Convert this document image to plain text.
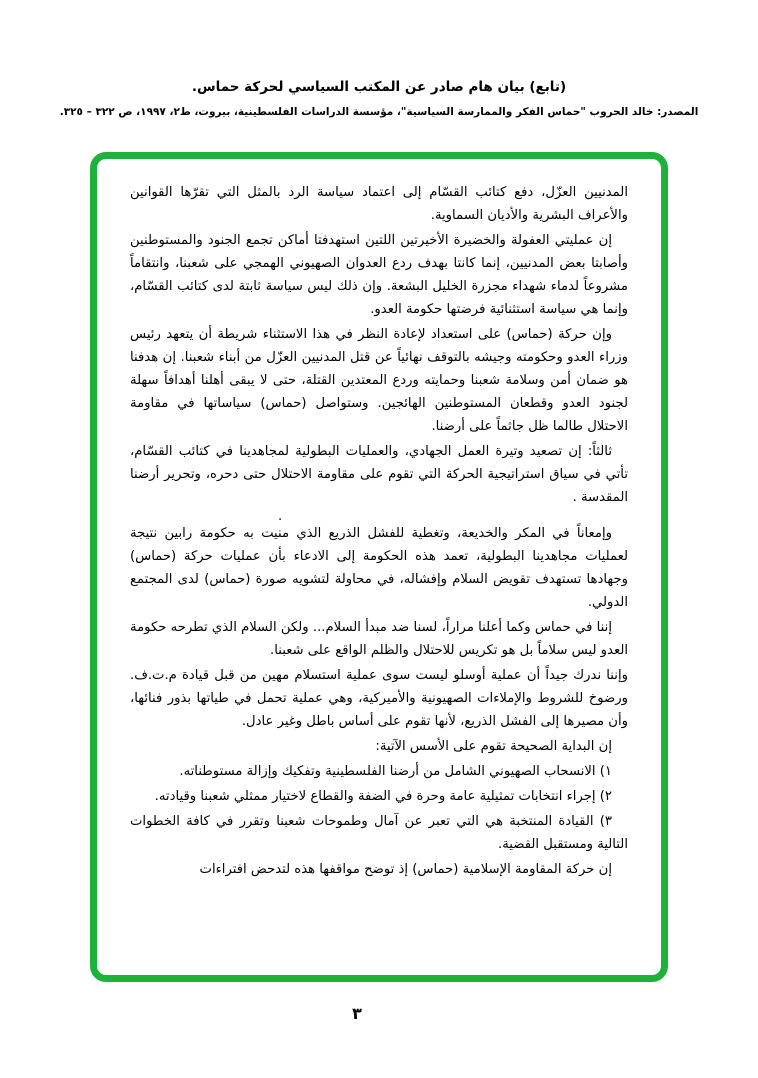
(تابع) بيان هام صادر عن المكتب السياسي لحركة حماس.
المصدر: خالد الحروب "حماس الفكر والممارسة السياسية"، مؤسسة الدراسات الفلسطينية، بيروت، ط٢، ١٩٩٧، ص ٣٢٢ – ٣٢٥.

المدنيين العزّل، دفع كتائب القسّام إلى اعتماد سياسة الرد بالمثل التي تقرّها القوانين والأعراف البشرية والأديان السماوية.

إن عمليتي العفولة والخضيرة الأخيرتين اللتين استهدفتا أماكن تجمع الجنود والمستوطنين وأصابتا بعض المدنيين، إنما كانتا بهدف ردع العدوان الصهيوني الهمجي على شعبنا، وانتقاماً مشروعاً لدماء شهداء مجزرة الخليل البشعة. وإن ذلك ليس سياسة ثابتة لدى كتائب القسّام، وإنما هي سياسة استثنائية فرضتها حكومة العدو.

وإن حركة (حماس) على استعداد لإعادة النظر في هذا الاستثناء شريطة أن يتعهد رئيس وزراء العدو وحكومته وجيشه بالتوقف نهائياً عن قتل المدنيين العزّل من أبناء شعبنا. إن هدفنا هو ضمان أمن وسلامة شعبنا وحمايته وردع المعتدين القتلة، حتى لا يبقى أهلنا أهدافاً سهلة لجنود العدو وقطعان المستوطنين الهائجين. وستواصل (حماس) سياساتها في مقاومة الاحتلال طالما ظل جاثماً على أرضنا.

ثالثاً: إن تصعيد وتيرة العمل الجهادي، والعمليات البطولية لمجاهدينا في كتائب القسّام، تأتي في سياق استراتيجية الحركة التي تقوم على مقاومة الاحتلال حتى دحره، وتحرير أرضنا المقدسة .

.

وإمعاناً في المكر والخديعة، وتغطية للفشل الذريع الذي منيت به حكومة رابين نتيجة لعمليات مجاهدينا البطولية، تعمد هذه الحكومة إلى الادعاء بأن عمليات حركة (حماس) وجهادها تستهدف تقويض السلام وإفشاله، في محاولة لتشويه صورة (حماس) لدى المجتمع الدولي.

إننا في حماس وكما أعلنا مراراً، لسنا ضد مبدأ السلام... ولكن السلام الذي تطرحه حكومة العدو ليس سلاماً بل هو تكريس للاحتلال والظلم الواقع على شعبنا.

وإننا ندرك جيداً أن عملية أوسلو ليست سوى عملية استسلام مهين من قبل قيادة م.ت.ف. ورضوخ للشروط والإملاءات الصهيونية والأميركية، وهي عملية تحمل في طياتها بذور فنائها، وأن مصيرها إلى الفشل الذريع، لأنها تقوم على أساس باطل وغير عادل.

إن البداية الصحيحة تقوم على الأسس الآتية:

١) الانسحاب الصهيوني الشامل من أرضنا الفلسطينية وتفكيك وإزالة مستوطناته.

٢) إجراء انتخابات تمثيلية عامة وحرة في الضفة والقطاع لاختيار ممثلي شعبنا وقيادته.

٣) القيادة المنتخبة هي التي تعبر عن آمال وطموحات شعبنا وتقرر في كافة الخطوات التالية ومستقبل القضية.

إن حركة المقاومة الإسلامية (حماس) إذ توضح مواقفها هذه لتدحض افتراءات

٣
